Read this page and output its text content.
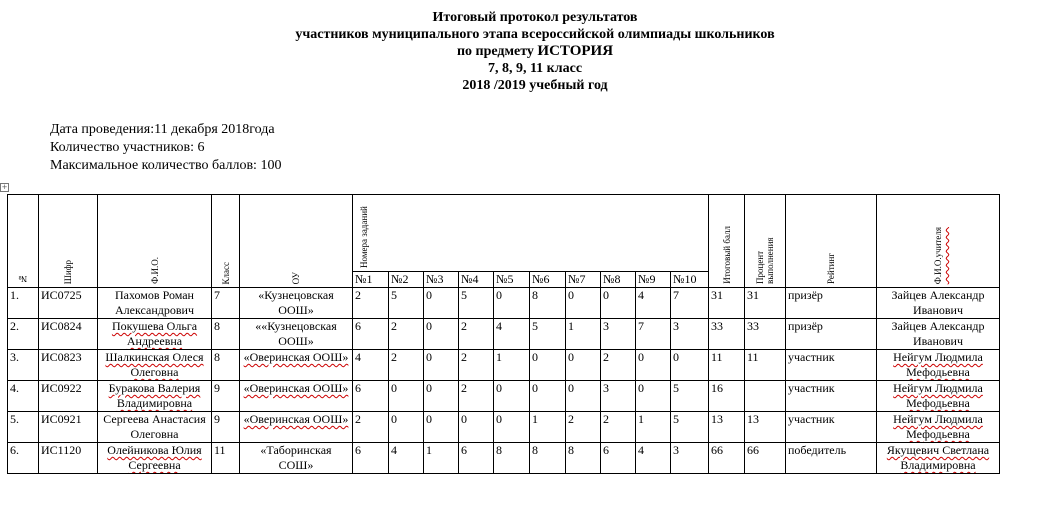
Итоговый протокол результатов
участников муниципального этапа всероссийской олимпиады школьников
по предмету ИСТОРИЯ
7, 8, 9, 11 класс
2018 /2019 учебный год
Дата проведения:11 декабря 2018года
Количество участников: 6
Максимальное количество баллов: 100
+
№	Шифр	Ф.И.О.	Класс	ОУ	Номера заданий										Итоговый балл	Процент выполнения	Рейтинг	Ф.И.О.учителя

					№1	№2	№3	№4	№5	№6	№7	№8	№9	№10				
1.	ИС0725	Пахомов Роман Александрович	7	«Кузнецовская ООШ»	2	5	0	5	0	8	0	0	4	7	31	31	призёр	Зайцев Александр Иванович
2.	ИС0824	Покушева Ольга Андреевна	8	««Кузнецовская ООШ»	6	2	0	2	4	5	1	3	7	3	33	33	призёр	Зайцев Александр Иванович
3.	ИС0823	Шалкинская Олеся Олеговна	8	«Оверинская ООШ»	4	2	0	2	1	0	0	2	0	0	11	11	участник	Нейгум Людмила Мефодьевна
4.	ИС0922	Буракова Валерия Владимировна	9	«Оверинская ООШ»	6	0	0	2	0	0	0	3	0	5	16		участник	Нейгум Людмила Мефодьевна
5.	ИС0921	Сергеева Анастасия Олеговна	9	«Оверинская ООШ»	2	0	0	0	0	1	2	2	1	5	13	13	участник	Нейгум Людмила Мефодьевна
6.	ИС1120	Олейникова Юлия Сергеевна	11	«Таборинская СОШ»	6	4	1	6	8	8	8	6	4	3	66	66	победитель	Якущевич Светлана Владимировна
